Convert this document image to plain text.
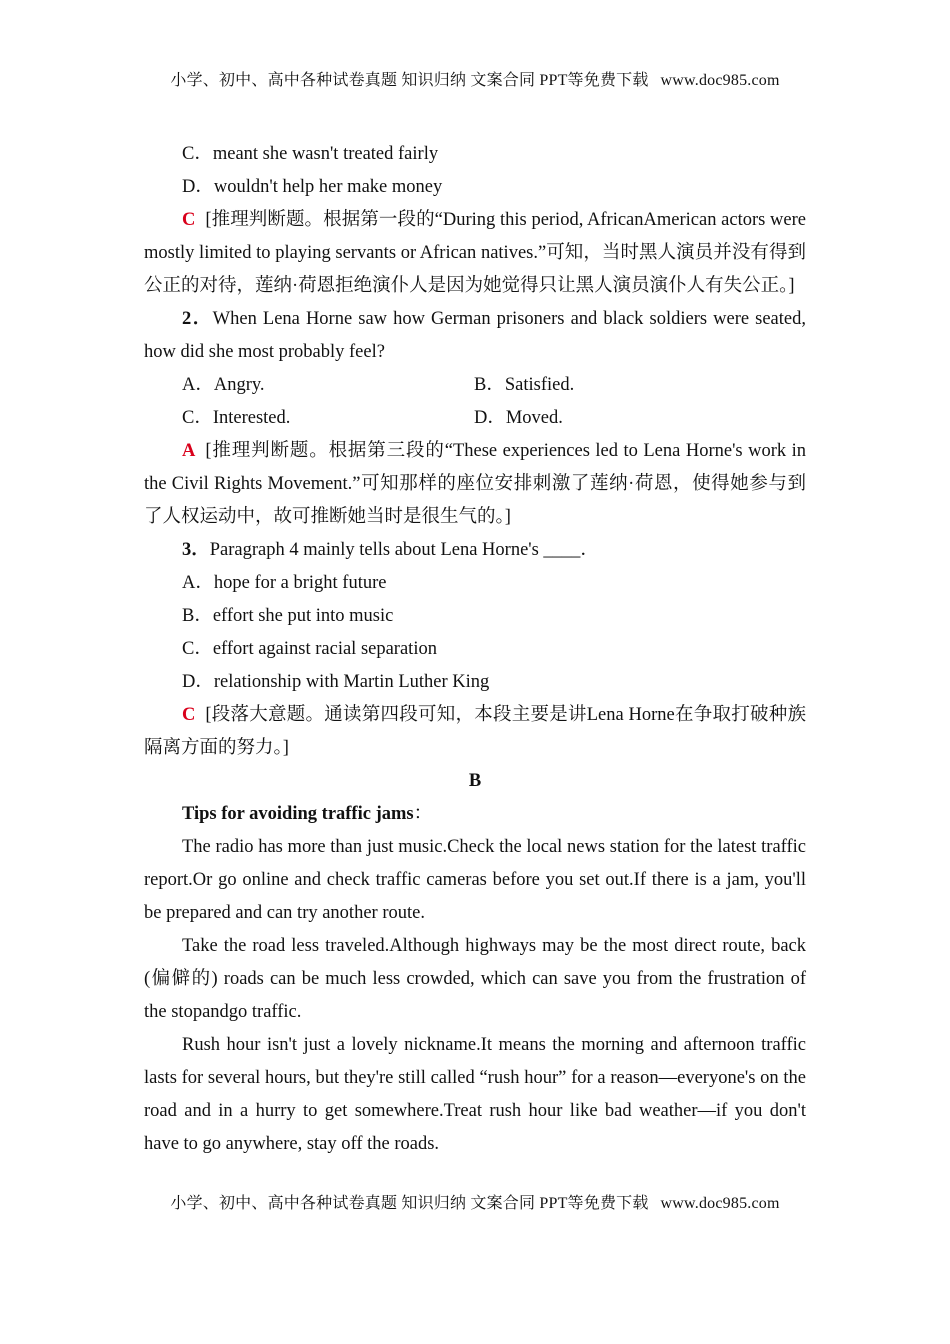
小学、初中、高中各种试卷真题 知识归纳 文案合同 PPT等免费下载 www.doc985.com

C．meant she wasn't treated fairly

D．wouldn't help her make money

C [推理判断题。根据第一段的“During this period, AfricanAmerican actors were mostly limited to playing servants or African natives.”可知，当时黑人演员并没有得到公正的对待，莲纳·荷恩拒绝演仆人是因为她觉得只让黑人演员演仆人有失公正。]

2．When Lena Horne saw how German prisoners and black soldiers were seated, how did she most probably feel?

A．Angry.	B．Satisfied.
C．Interested.	D．Moved.

A [推理判断题。根据第三段的“These experiences led to Lena Horne's work in the Civil Rights Movement.”可知那样的座位安排刺激了莲纳·荷恩，使得她参与到了人权运动中，故可推断她当时是很生气的。]

3．Paragraph 4 mainly tells about Lena Horne's ____．

A．hope for a bright future

B．effort she put into music

C．effort against racial separation

D．relationship with Martin Luther King

C [段落大意题。通读第四段可知，本段主要是讲Lena Horne在争取打破种族隔离方面的努力。]

B

Tips for avoiding traffic jams：

The radio has more than just music.Check the local news station for the latest traffic report.Or go online and check traffic cameras before you set out.If there is a jam, you'll be prepared and can try another route.

Take the road less traveled.Although highways may be the most direct route, back (偏僻的) roads can be much less crowded, which can save you from the frustration of the stopandgo traffic.

Rush hour isn't just a lovely nickname.It means the morning and afternoon traffic lasts for several hours, but they're still called “rush hour” for a reason—everyone's on the road and in a hurry to get somewhere.Treat rush hour like bad weather—if you don't have to go anywhere, stay off the roads.

小学、初中、高中各种试卷真题 知识归纳 文案合同 PPT等免费下载 www.doc985.com
